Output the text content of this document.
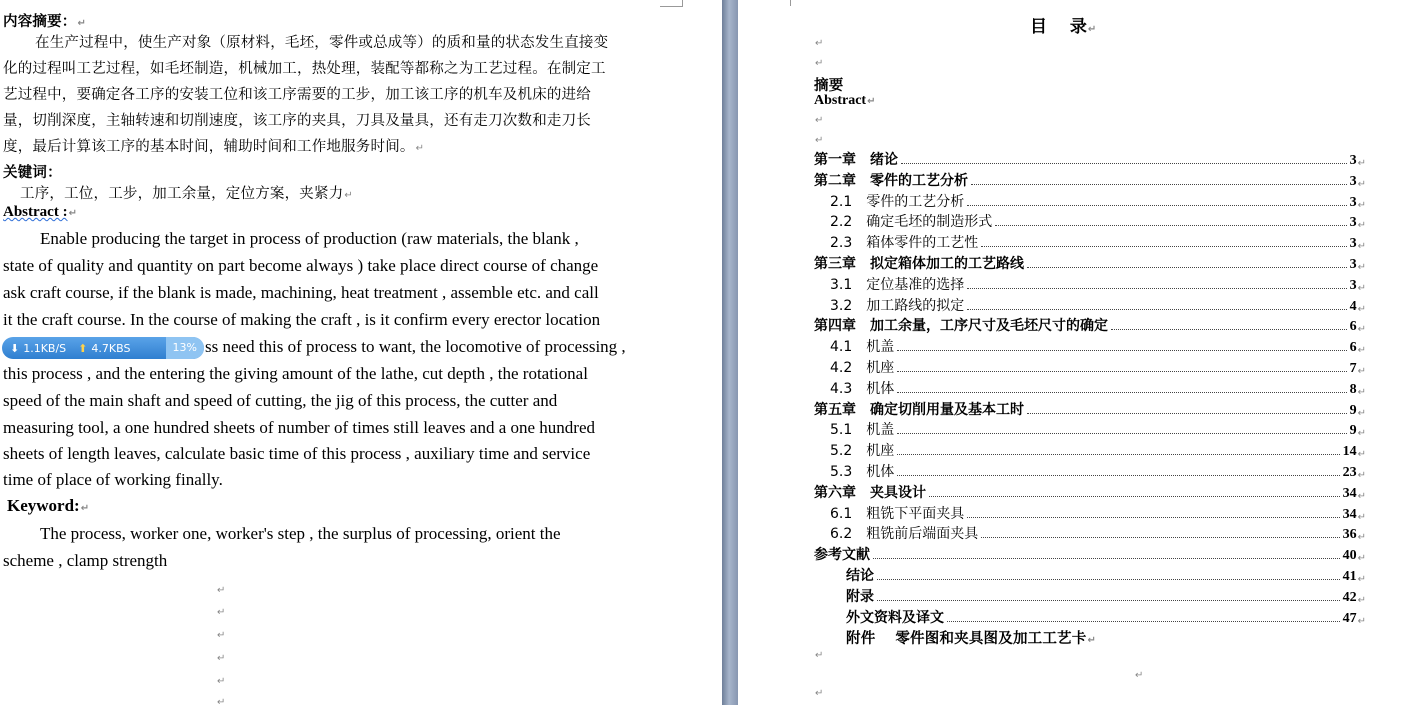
内容摘要：↵
在生产过程中，使生产对象（原材料，毛坯，零件或总成等）的质和量的状态发生直接变
化的过程叫工艺过程，如毛坯制造，机械加工，热处理，装配等都称之为工艺过程。在制定工
艺过程中，要确定各工序的安装工位和该工序需要的工步，加工该工序的机车及机床的进给
量，切削深度，主轴转速和切削速度，该工序的夹具，刀具及量具，还有走刀次数和走刀长
度，最后计算该工序的基本时间，辅助时间和工作地服务时间。↵
关键词：
工序，工位，工步，加工余量，定位方案，夹紧力↵
Abstract :↵
Enable producing the target in process of production (raw materials, the blank ,
state of quality and quantity on part become always ) take place direct course of change
ask craft course, if the blank is made, machining, heat treatment , assemble etc. and call
it the craft course. In the course of making the craft , is it confirm every erector location
ss need this of process to want, the locomotive of processing ,
this process , and the entering the giving amount of the lathe, cut depth , the rotational
speed of the main shaft and speed of cutting, the jig of this process, the cutter and
measuring tool, a one hundred sheets of number of times still leaves and a one hundred
sheets of length leaves, calculate basic time of this process , auxiliary time and service
time of place of working finally.
⬇ 1.1KB/S ⬆ 4.7KBS	13%
Keyword:↵
The process, worker one, worker's step , the surplus of processing, orient the
scheme , clamp strength
↵
↵
↵
↵
↵
↵
目　 录↵
↵
↵
摘要
Abstract↵
↵
↵
第一章　绪论	3 ↵
第二章　零件的工艺分析	3 ↵
2.1　零件的工艺分析	3 ↵
2.2　确定毛坯的制造形式	3 ↵
2.3　箱体零件的工艺性	3 ↵
第三章　拟定箱体加工的工艺路线	3 ↵
3.1　定位基准的选择	3 ↵
3.2　加工路线的拟定	4 ↵
第四章　加工余量，工序尺寸及毛坯尺寸的确定	6 ↵
4.1　机盖	6 ↵
4.2　机座	7 ↵
4.3　机体	8 ↵
第五章　确定切削用量及基本工时	9 ↵
5.1　机盖	9 ↵
5.2　机座	14 ↵
5.3　机体	23 ↵
第六章　夹具设计	34 ↵
6.1　粗铣下平面夹具	34 ↵
6.2　粗铣前后端面夹具	36 ↵
参考文献	40 ↵
结论	41 ↵
附录	42 ↵
外文资料及译文	47 ↵
附件　 零件图和夹具图及加工工艺卡↵
↵
↵
↵
